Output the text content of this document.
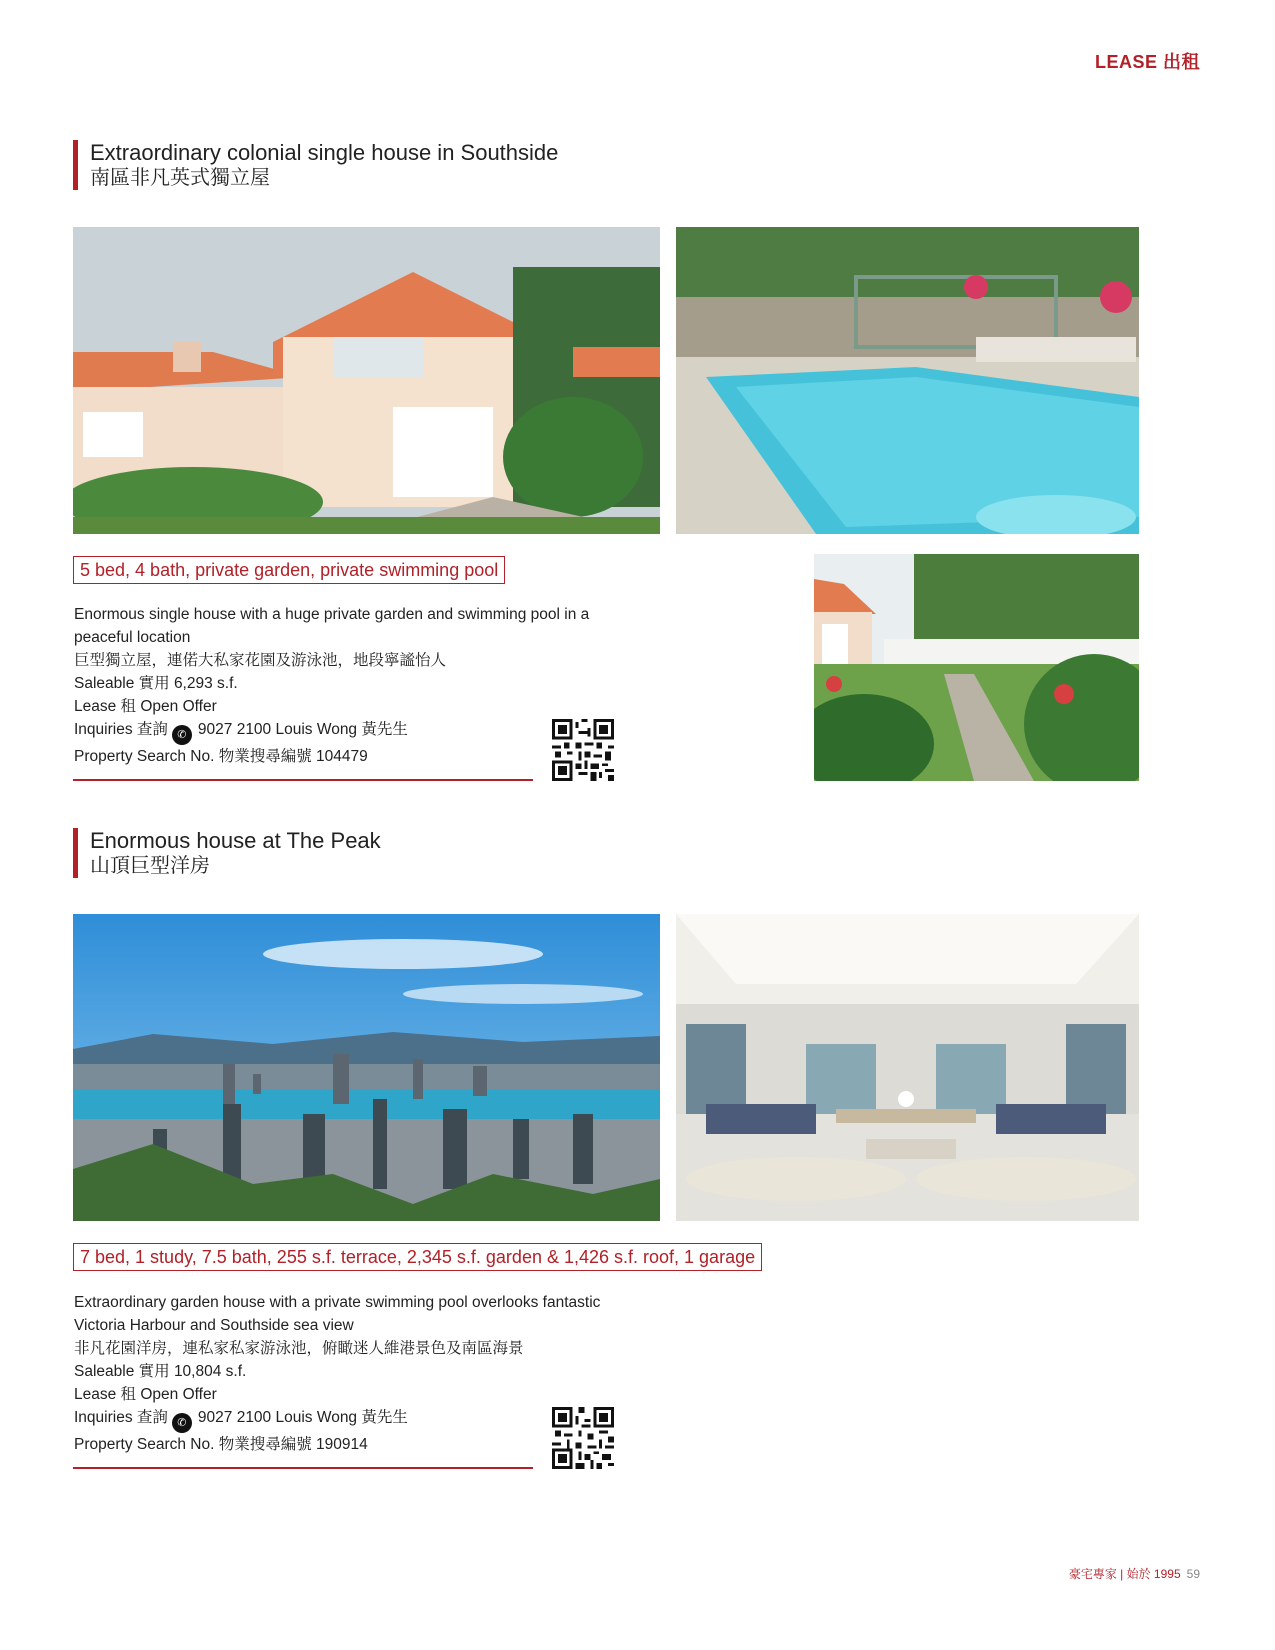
LEASE 出租
Extraordinary colonial single house in Southside
南區非凡英式獨立屋
5 bed, 4 bath, private garden, private swimming pool
Enormous single house with a huge private garden and swimming pool in a peaceful location
巨型獨立屋，連偌大私家花園及游泳池，地段寧謐怡人
Saleable 實用 6,293 s.f.
Lease 租 Open Offer
Inquiries 查詢 ✆ 9027 2100 Louis Wong 黃先生
Property Search No. 物業搜尋編號 104479
Enormous house at The Peak
山頂巨型洋房
7 bed, 1 study, 7.5 bath, 255 s.f. terrace, 2,345 s.f. garden & 1,426 s.f. roof, 1 garage
Extraordinary garden house with a private swimming pool overlooks fantastic Victoria Harbour and Southside sea view
非凡花園洋房，連私家私家游泳池，俯瞰迷人維港景色及南區海景
Saleable 實用 10,804 s.f.
Lease 租 Open Offer
Inquiries 查詢 ✆ 9027 2100 Louis Wong 黃先生
Property Search No. 物業搜尋編號 190914
豪宅專家 | 始於 1995 59
